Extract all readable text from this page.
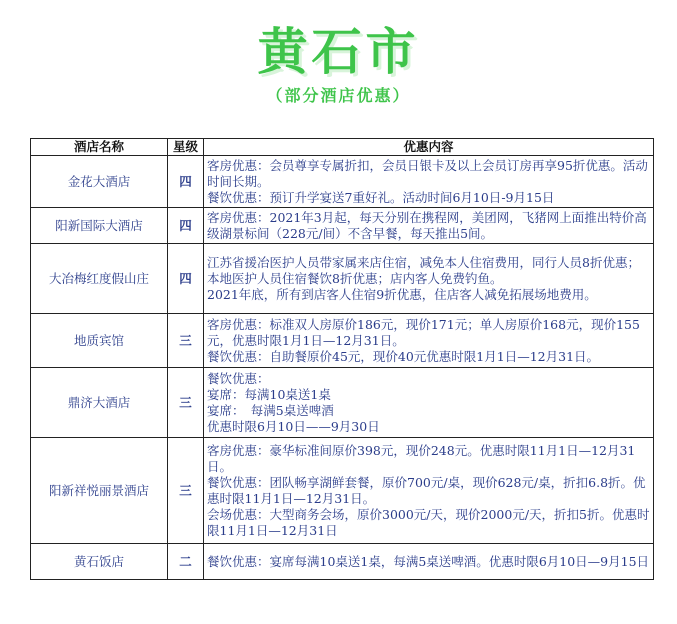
黄石市
（部分酒店优惠）
酒店名称	星级	优惠内容
金花大酒店	四	客房优惠：会员尊享专属折扣，会员日银卡及以上会员订房再享95折优惠。活动时间长期。
餐饮优惠：预订升学宴送7重好礼。活动时间6月10日-9月15日

阳新国际大酒店	四	客房优惠：2021年3月起，每天分别在携程网，美团网，飞猪网上面推出特价高级湖景标间（228元/间）不含早餐，每天推出5间。

大冶梅红度假山庄	四	江苏省援冶医护人员带家属来店住宿，减免本人住宿费用，同行人员8折优惠；
本地医护人员住宿餐饮8折优惠；店内客人免费钓鱼。
2021年底，所有到店客人住宿9折优惠，住店客人减免拓展场地费用。

地质宾馆	三	客房优惠：标准双人房原价186元，现价171元；单人房原价168元，现价155元，优惠时限1月1日—12月31日。
餐饮优惠：自助餐原价45元，现价40元优惠时限1月1日—12月31日。

鼎济大酒店	三	餐饮优惠：
宴席：每满10桌送1桌
宴席：　每满5桌送啤酒
优惠时限6月10日——9月30日

阳新祥悦丽景酒店	三	客房优惠：豪华标准间原价398元，现价248元。优惠时限11月1日—12月31日。
餐饮优惠：团队畅享湖鲜套餐，原价700元/桌，现价628元/桌，折扣6.8折。优惠时限11月1日—12月31日。
会场优惠：大型商务会场，原价3000元/天，现价2000元/天，折扣5折。优惠时限11月1日—12月31日

黄石饭店	二	餐饮优惠：宴席每满10桌送1桌，每满5桌送啤酒。优惠时限6月10日—9月15日
